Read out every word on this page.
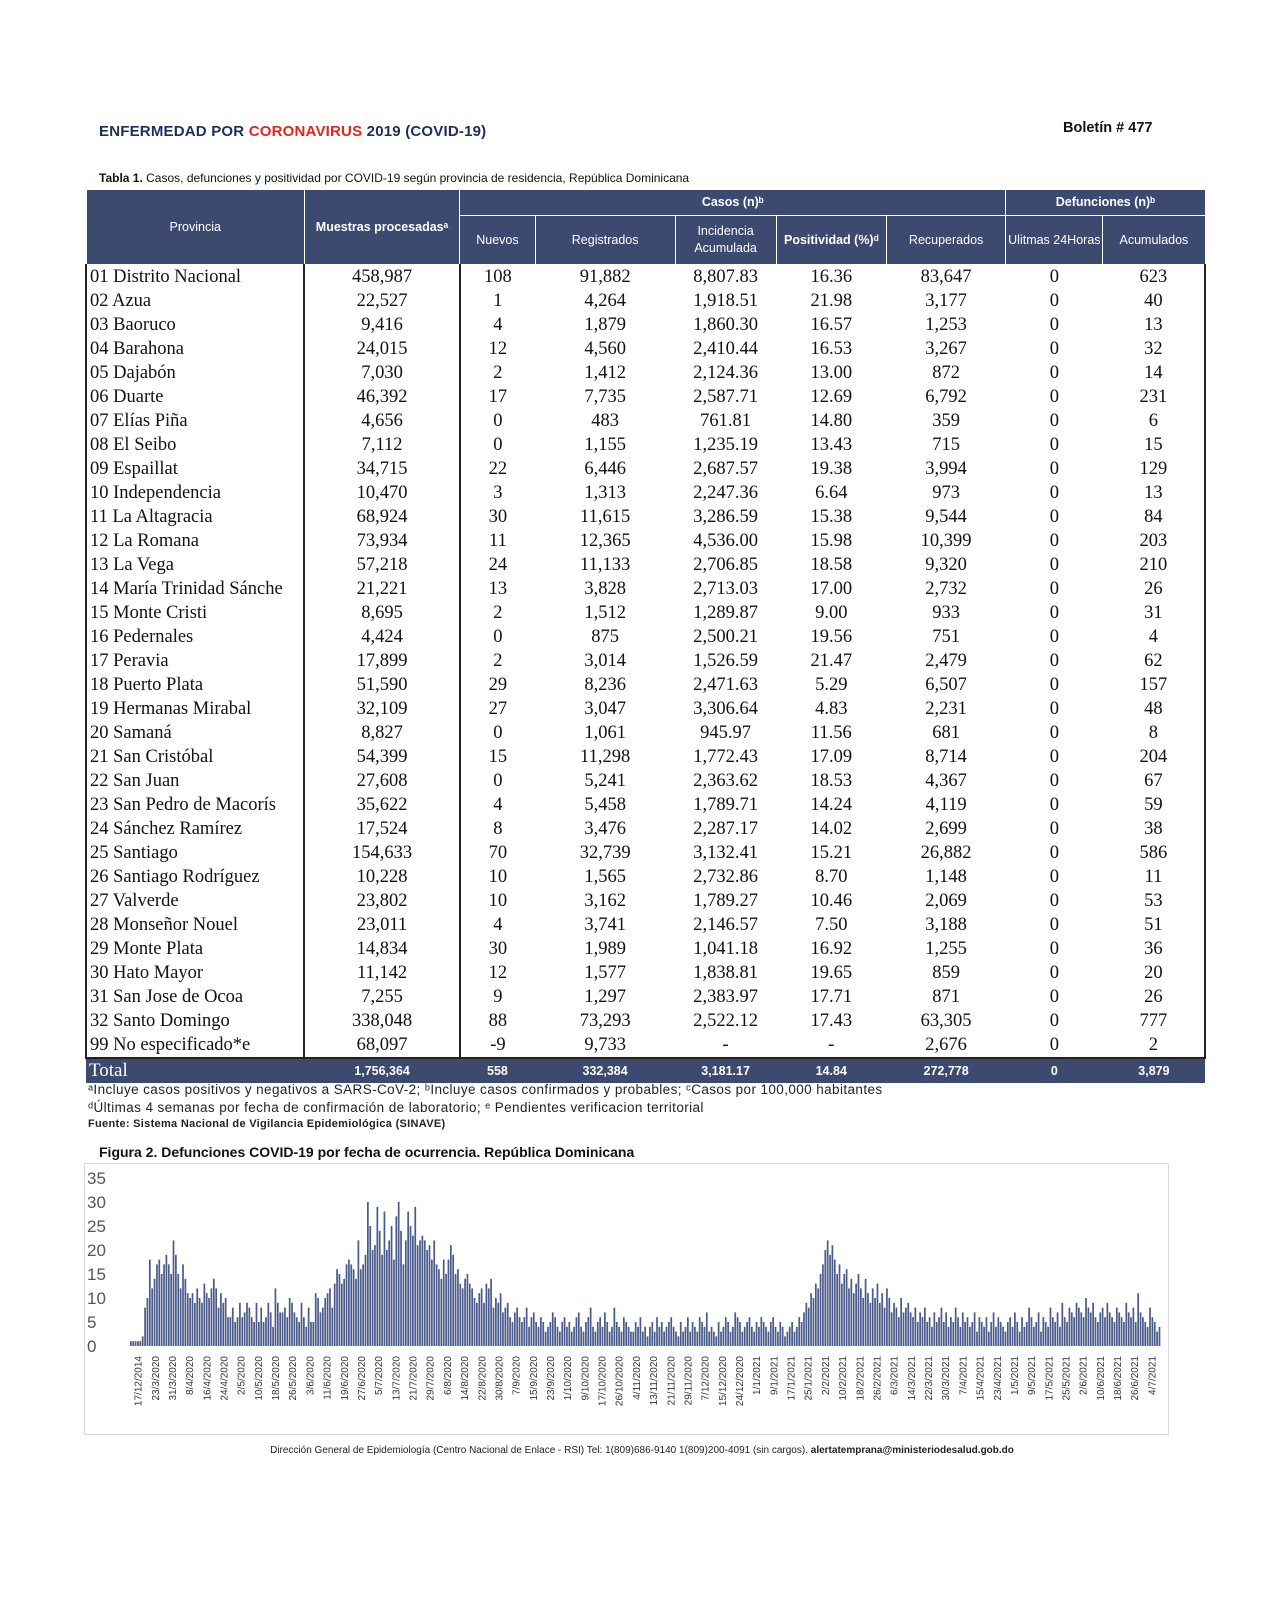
ENFERMEDAD POR CORONAVIRUS 2019 (COVID-19)	Boletín # 477
Tabla 1. Casos, defunciones y positividad por COVID-19 según provincia de residencia, República Dominicana
Provincia	Muestras procesadasᵃ	Casos (n)ᵇ					Defunciones (n)ᵇ	
		Nuevos	Registrados	Incidencia Acumulada	Positividad (%)ᵈ	Recuperados	Ulitmas 24Horas	Acumulados
01 Distrito Nacional	458,987	108	91,882	8,807.83	16.36	83,647	0	623
02 Azua	22,527	1	4,264	1,918.51	21.98	3,177	0	40
03 Baoruco	9,416	4	1,879	1,860.30	16.57	1,253	0	13
04 Barahona	24,015	12	4,560	2,410.44	16.53	3,267	0	32
05 Dajabón	7,030	2	1,412	2,124.36	13.00	872	0	14
06 Duarte	46,392	17	7,735	2,587.71	12.69	6,792	0	231
07 Elías Piña	4,656	0	483	761.81	14.80	359	0	6
08 El Seibo	7,112	0	1,155	1,235.19	13.43	715	0	15
09 Espaillat	34,715	22	6,446	2,687.57	19.38	3,994	0	129
10 Independencia	10,470	3	1,313	2,247.36	6.64	973	0	13
11 La Altagracia	68,924	30	11,615	3,286.59	15.38	9,544	0	84
12 La Romana	73,934	11	12,365	4,536.00	15.98	10,399	0	203
13 La Vega	57,218	24	11,133	2,706.85	18.58	9,320	0	210
14 María Trinidad Sánche	21,221	13	3,828	2,713.03	17.00	2,732	0	26
15 Monte Cristi	8,695	2	1,512	1,289.87	9.00	933	0	31
16 Pedernales	4,424	0	875	2,500.21	19.56	751	0	4
17 Peravia	17,899	2	3,014	1,526.59	21.47	2,479	0	62
18 Puerto Plata	51,590	29	8,236	2,471.63	5.29	6,507	0	157
19 Hermanas Mirabal	32,109	27	3,047	3,306.64	4.83	2,231	0	48
20 Samaná	8,827	0	1,061	945.97	11.56	681	0	8
21 San Cristóbal	54,399	15	11,298	1,772.43	17.09	8,714	0	204
22 San Juan	27,608	0	5,241	2,363.62	18.53	4,367	0	67
23 San Pedro de Macorís	35,622	4	5,458	1,789.71	14.24	4,119	0	59
24 Sánchez Ramírez	17,524	8	3,476	2,287.17	14.02	2,699	0	38
25 Santiago	154,633	70	32,739	3,132.41	15.21	26,882	0	586
26 Santiago Rodríguez	10,228	10	1,565	2,732.86	8.70	1,148	0	11
27 Valverde	23,802	10	3,162	1,789.27	10.46	2,069	0	53
28 Monseñor Nouel	23,011	4	3,741	2,146.57	7.50	3,188	0	51
29 Monte Plata	14,834	30	1,989	1,041.18	16.92	1,255	0	36
30 Hato Mayor	11,142	12	1,577	1,838.81	19.65	859	0	20
31 San Jose de Ocoa	7,255	9	1,297	2,383.97	17.71	871	0	26
32 Santo Domingo	338,048	88	73,293	2,522.12	17.43	63,305	0	777
99 No especificado*e	68,097	-9	9,733	-	-	2,676	0	2
Total	1,756,364	558	332,384	3,181.17	14.84	272,778	0	3,879
ᵃIncluye casos positivos y negativos a SARS-CoV-2; ᵇIncluye casos confirmados y probables; ᶜCasos por 100,000 habitantes
ᵈÚltimas 4 semanas por fecha de confirmación de laboratorio; ᵉ Pendientes verificacion territorial
Fuente: Sistema Nacional de Vigilancia Epidemiológica (SINAVE)
Figura 2. Defunciones COVID-19 por fecha de ocurrencia. República Dominicana
0
5
10
15
20
25
30
35
17/12/2014 23/3/2020 31/3/2020 8/4/2020 16/4/2020 24/4/2020 2/5/2020 10/5/2020 18/5/2020 26/5/2020 3/6/2020 11/6/2020 19/6/2020 27/6/2020 5/7/2020 13/7/2020 21/7/2020 29/7/2020 6/8/2020 14/8/2020 22/8/2020 30/8/2020 7/9/2020 15/9/2020 23/9/2020 1/10/2020 9/10/2020 17/10/2020 26/10/2020 4/11/2020 13/11/2020 21/11/2020 29/11/2020 7/12/2020 15/12/2020 24/12/2020 1/1/2021 9/1/2021 17/1/2021 25/1/2021 2/2/2021 10/2/2021 18/2/2021 26/2/2021 6/3/2021 14/3/2021 22/3/2021 30/3/2021 7/4/2021 15/4/2021 23/4/2021 1/5/2021 9/5/2021 17/5/2021 25/5/2021 2/6/2021 10/6/2021 18/6/2021 26/6/2021 4/7/2021
Dirección General de Epidemiología (Centro Nacional de Enlace - RSI) Tel: 1(809)686-9140 1(809)200-4091 (sin cargos). alertatemprana@ministeriodesalud.gob.do
